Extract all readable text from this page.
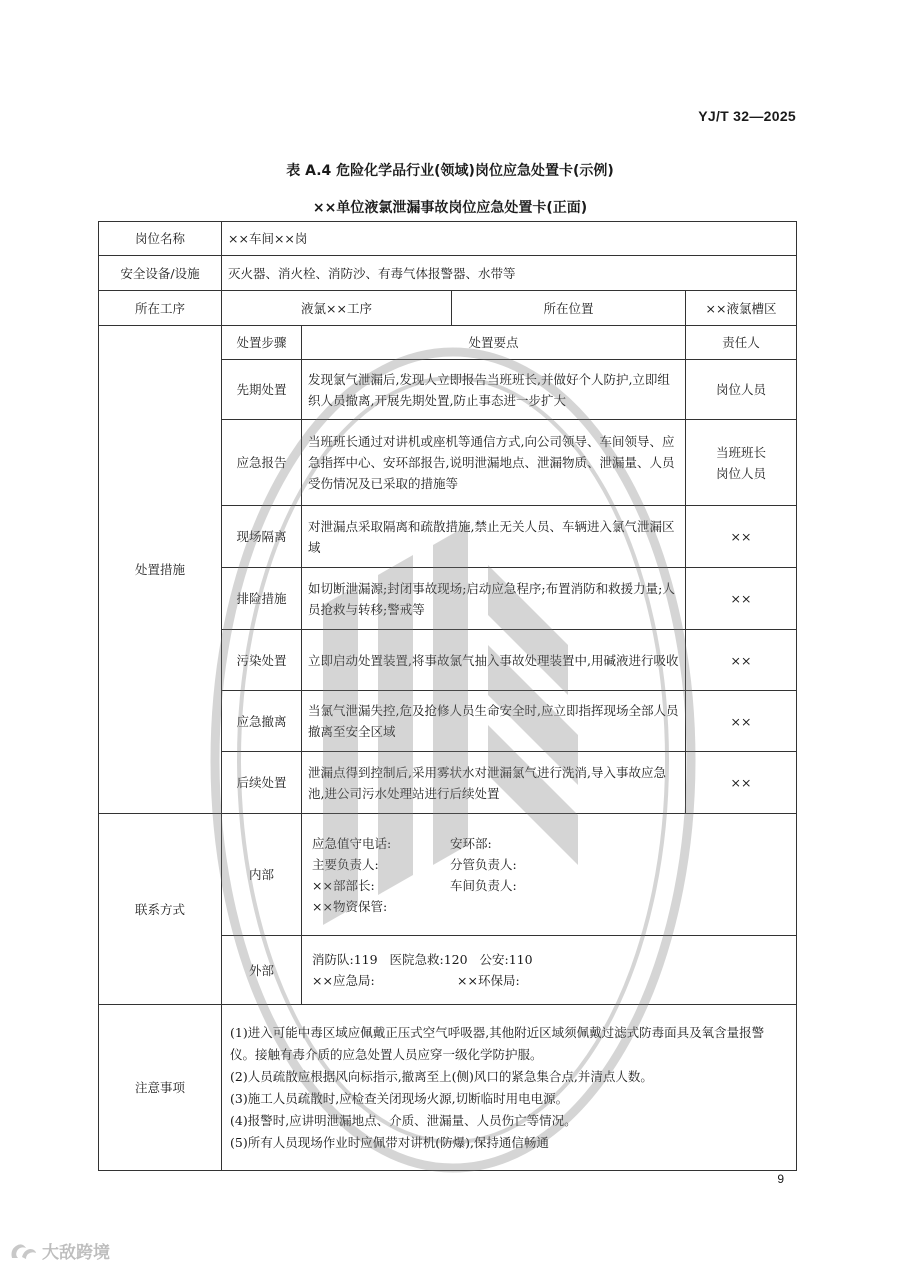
YJ/T 32—2025
表 A.4 危险化学品行业(领域)岗位应急处置卡(示例)
××单位液氯泄漏事故岗位应急处置卡(正面)
岗位名称	××车间××岗			
安全设备/设施	灭火器、消火栓、消防沙、有毒气体报警器、水带等			
所在工序	液氯××工序		所在位置	××液氯槽区
处置措施	处置步骤	处置要点		责任人
	先期处置	发现氯气泄漏后,发现人立即报告当班班长,并做好个人防护,立即组织人员撤离,开展先期处置,防止事态进一步扩大		岗位人员
	应急报告	当班班长通过对讲机或座机等通信方式,向公司领导、车间领导、应急指挥中心、安环部报告,说明泄漏地点、泄漏物质、泄漏量、人员受伤情况及已采取的措施等		当班班长
岗位人员
	现场隔离	对泄漏点采取隔离和疏散措施,禁止无关人员、车辆进入氯气泄漏区域		××
	排险措施	如切断泄漏源;封闭事故现场;启动应急程序;布置消防和救援力量;人员抢救与转移;警戒等		××
	污染处置	立即启动处置装置,将事故氯气抽入事故处理装置中,用碱液进行吸收		××
	应急撤离	当氯气泄漏失控,危及抢修人员生命安全时,应立即指挥现场全部人员撤离至安全区域		××
	后续处置	泄漏点得到控制后,采用雾状水对泄漏氯气进行洗消,导入事故应急池,进公司污水处理站进行后续处置		××
联系方式	内部	应急值守电话: 安环部:
主要负责人: 分管负责人:
××部部长: 车间负责人:
××物资保管:		

	外部	消防队:119   医院急救:120   公安:110
××应急局: ××环保局:		

注意事项	(1)进入可能中毒区域应佩戴正压式空气呼吸器,其他附近区域须佩戴过滤式防毒面具及氧含量报警仪。接触有毒介质的应急处置人员应穿一级化学防护服。
(2)人员疏散应根据风向标指示,撤离至上(侧)风口的紧急集合点,并清点人数。
(3)施工人员疏散时,应检查关闭现场火源,切断临时用电电源。
(4)报警时,应讲明泄漏地点、介质、泄漏量、人员伤亡等情况。
(5)所有人员现场作业时应佩带对讲机(防爆),保持通信畅通			
9
大敌跨境
